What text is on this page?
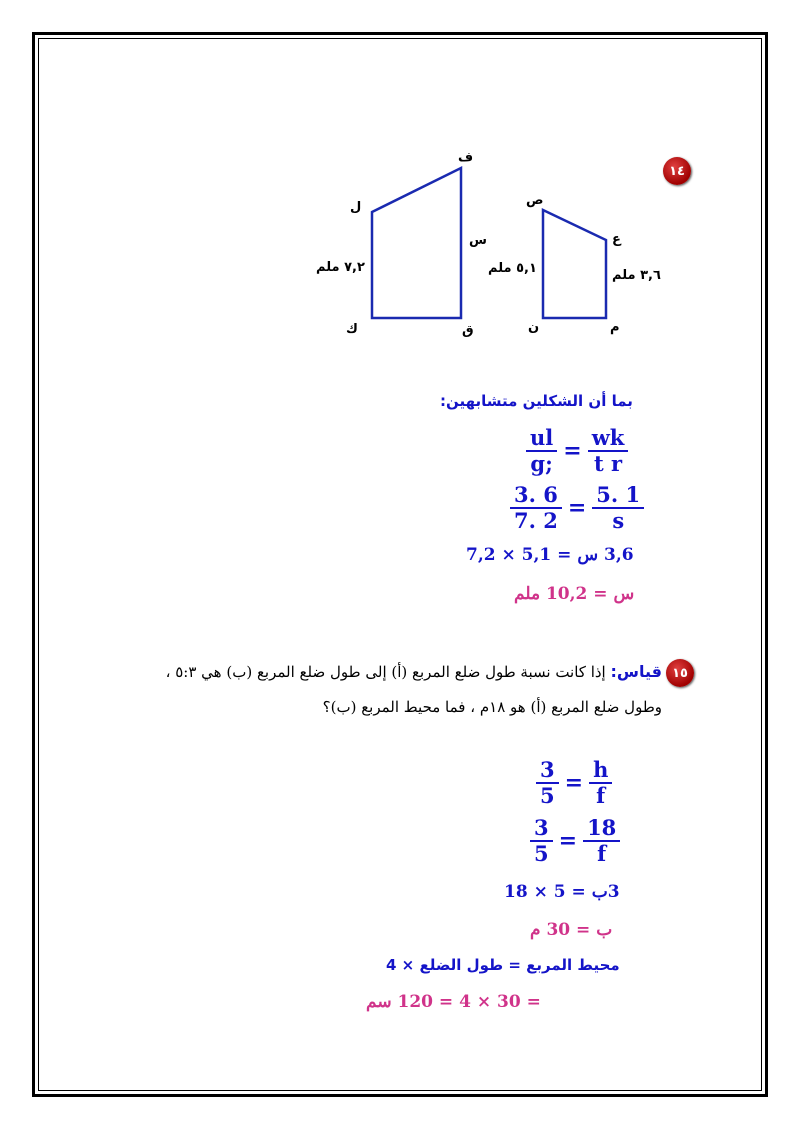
١٤
ف
ل
س
ك	ق
٧,٢ ملم
ص
ع
ن	م
٥,١ ملم	٣,٦ ملم
بما أن الشكلين متشابهين:
$\frac{ul}{g;} = \frac{wk}{\text{t r}}$
$\frac{3. 6}{7. 2} = \frac{5. 1}{s}$
3,6 س = 5,1 × 7,2
س = 10,2 ملم
١٥
قياس: إذا كانت نسبة طول ضلع المربع (أ) إلى طول ضلع المربع (ب) هي ٥:٣ ،
وطول ضلع المربع (أ) هو ١٨م ، فما محيط المربع (ب)؟
$\frac{3}{5} = \frac{h}{f}$
$\frac{3}{5} = \frac{18}{f}$
3ب = 5 × 18
ب = 30 م
محيط المربع = طول الضلع × 4
= 30 × 4 = 120 سم
